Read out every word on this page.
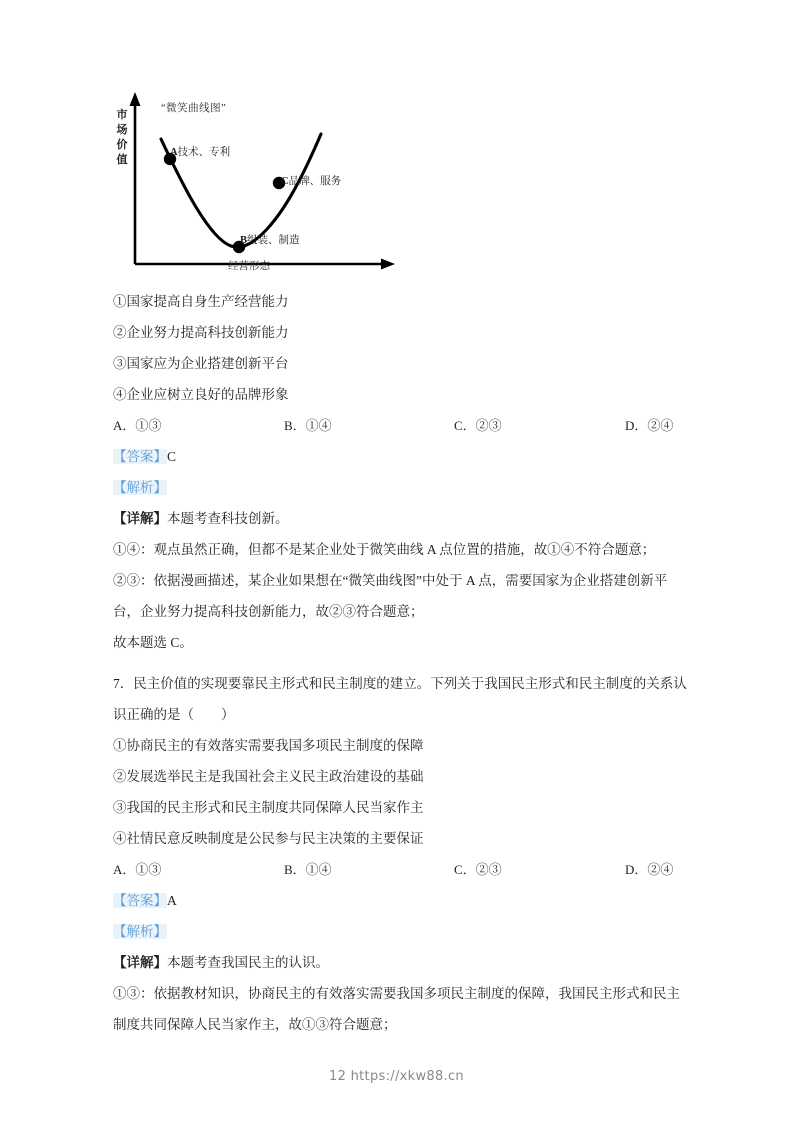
“微笑曲线图”
市场价值
经营形态
A技术、专利
C品牌、服务
B组装、制造
①国家提高自身生产经营能力
②企业努力提高科技创新能力
③国家应为企业搭建创新平台
④企业应树立良好的品牌形象
A．①③	B．①④	C．②③	D．②④
【答案】C
【解析】
【详解】本题考查科技创新。
①④：观点虽然正确，但都不是某企业处于微笑曲线 A 点位置的措施，故①④不符合题意；
②③：依据漫画描述，某企业如果想在“微笑曲线图”中处于 A 点，需要国家为企业搭建创新平台，企业努力提高科技创新能力，故②③符合题意；
故本题选 C。
7．民主价值的实现要靠民主形式和民主制度的建立。下列关于我国民主形式和民主制度的关系认识正确的是（　　）
①协商民主的有效落实需要我国多项民主制度的保障
②发展选举民主是我国社会主义民主政治建设的基础
③我国的民主形式和民主制度共同保障人民当家作主
④社情民意反映制度是公民参与民主决策的主要保证
A．①③	B．①④	C．②③	D．②④
【答案】A
【解析】
【详解】本题考查我国民主的认识。
①③：依据教材知识，协商民主的有效落实需要我国多项民主制度的保障，我国民主形式和民主制度共同保障人民当家作主，故①③符合题意；
12 https://xkw88.cn
